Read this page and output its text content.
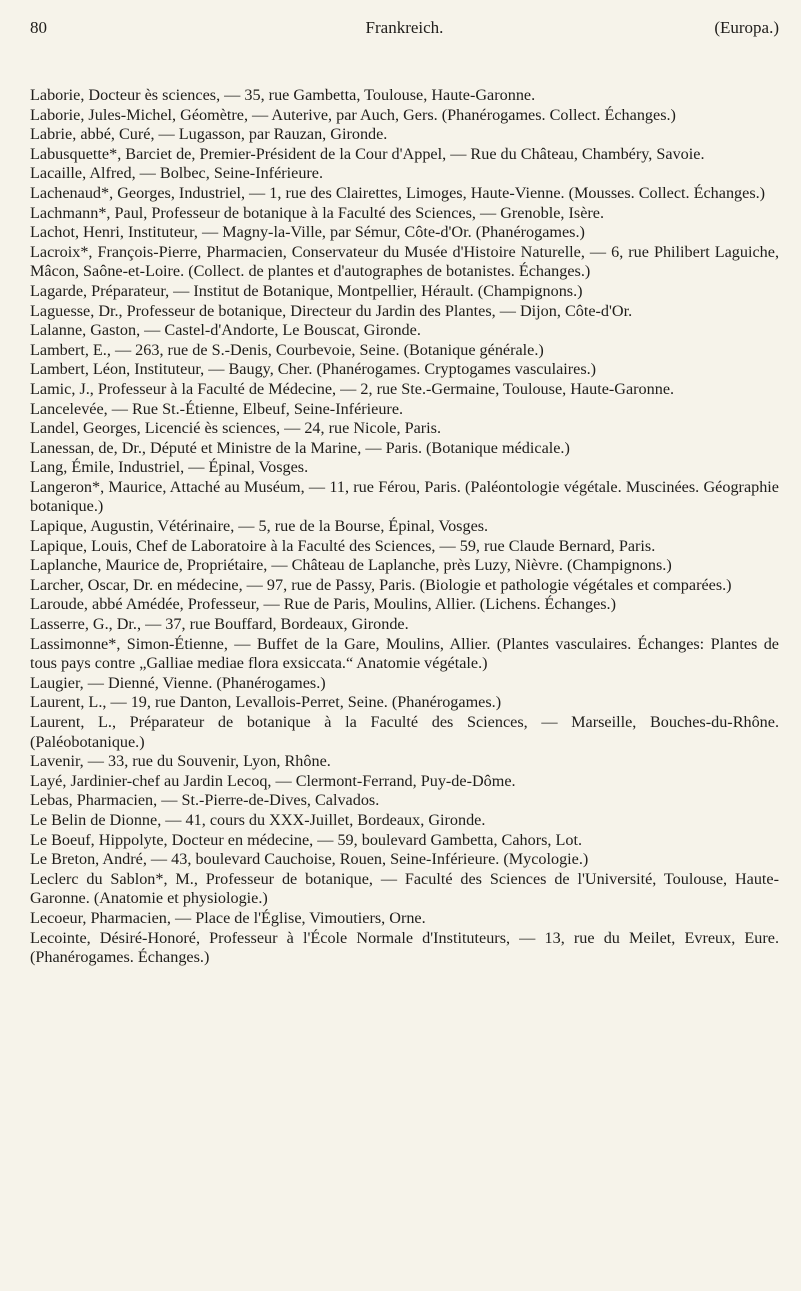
80	Frankreich.	(Europa.)

Laborie, Docteur ès sciences, — 35, rue Gambetta, Toulouse, Haute-Garonne.

Laborie, Jules-Michel, Géomètre, — Auterive, par Auch, Gers. (Phanérogames. Collect. Échanges.)

Labrie, abbé, Curé, — Lugasson, par Rauzan, Gironde.

Labusquette*, Barciet de, Premier-Président de la Cour d'Appel, — Rue du Château, Chambéry, Savoie.

Lacaille, Alfred, — Bolbec, Seine-Inférieure.

Lachenaud*, Georges, Industriel, — 1, rue des Clairettes, Limoges, Haute-Vienne. (Mousses. Collect. Échanges.)

Lachmann*, Paul, Professeur de botanique à la Faculté des Sciences, — Grenoble, Isère.

Lachot, Henri, Instituteur, — Magny-la-Ville, par Sémur, Côte-d'Or. (Phanérogames.)

Lacroix*, François-Pierre, Pharmacien, Conservateur du Musée d'Histoire Naturelle, — 6, rue Philibert Laguiche, Mâcon, Saône-et-Loire. (Collect. de plantes et d'autographes de botanistes. Échanges.)

Lagarde, Préparateur, — Institut de Botanique, Montpellier, Hérault. (Champignons.)

Laguesse, Dr., Professeur de botanique, Directeur du Jardin des Plantes, — Dijon, Côte-d'Or.

Lalanne, Gaston, — Castel-d'Andorte, Le Bouscat, Gironde.

Lambert, E., — 263, rue de S.-Denis, Courbevoie, Seine. (Botanique générale.)

Lambert, Léon, Instituteur, — Baugy, Cher. (Phanérogames. Cryptogames vasculaires.)

Lamic, J., Professeur à la Faculté de Médecine, — 2, rue Ste.-Germaine, Toulouse, Haute-Garonne.

Lancelevée, — Rue St.-Étienne, Elbeuf, Seine-Inférieure.

Landel, Georges, Licencié ès sciences, — 24, rue Nicole, Paris.

Lanessan, de, Dr., Député et Ministre de la Marine, — Paris. (Botanique médicale.)

Lang, Émile, Industriel, — Épinal, Vosges.

Langeron*, Maurice, Attaché au Muséum, — 11, rue Férou, Paris. (Paléontologie végétale. Muscinées. Géographie botanique.)

Lapique, Augustin, Vétérinaire, — 5, rue de la Bourse, Épinal, Vosges.

Lapique, Louis, Chef de Laboratoire à la Faculté des Sciences, — 59, rue Claude Bernard, Paris.

Laplanche, Maurice de, Propriétaire, — Château de Laplanche, près Luzy, Nièvre. (Champignons.)

Larcher, Oscar, Dr. en médecine, — 97, rue de Passy, Paris. (Biologie et pathologie végétales et comparées.)

Laroude, abbé Amédée, Professeur, — Rue de Paris, Moulins, Allier. (Lichens. Échanges.)

Lasserre, G., Dr., — 37, rue Bouffard, Bordeaux, Gironde.

Lassimonne*, Simon-Étienne, — Buffet de la Gare, Moulins, Allier. (Plantes vasculaires. Échanges: Plantes de tous pays contre „Galliae mediae flora exsiccata.“ Anatomie végétale.)

Laugier, — Dienné, Vienne. (Phanérogames.)

Laurent, L., — 19, rue Danton, Levallois-Perret, Seine. (Phanérogames.)

Laurent, L., Préparateur de botanique à la Faculté des Sciences, — Marseille, Bouches-du-Rhône. (Paléobotanique.)

Lavenir, — 33, rue du Souvenir, Lyon, Rhône.

Layé, Jardinier-chef au Jardin Lecoq, — Clermont-Ferrand, Puy-de-Dôme.

Lebas, Pharmacien, — St.-Pierre-de-Dives, Calvados.

Le Belin de Dionne, — 41, cours du XXX-Juillet, Bordeaux, Gironde.

Le Boeuf, Hippolyte, Docteur en médecine, — 59, boulevard Gambetta, Cahors, Lot.

Le Breton, André, — 43, boulevard Cauchoise, Rouen, Seine-Inférieure. (Mycologie.)

Leclerc du Sablon*, M., Professeur de botanique, — Faculté des Sciences de l'Université, Toulouse, Haute-Garonne. (Anatomie et physiologie.)

Lecoeur, Pharmacien, — Place de l'Église, Vimoutiers, Orne.

Lecointe, Désiré-Honoré, Professeur à l'École Normale d'Instituteurs, — 13, rue du Meilet, Evreux, Eure. (Phanérogames. Échanges.)
